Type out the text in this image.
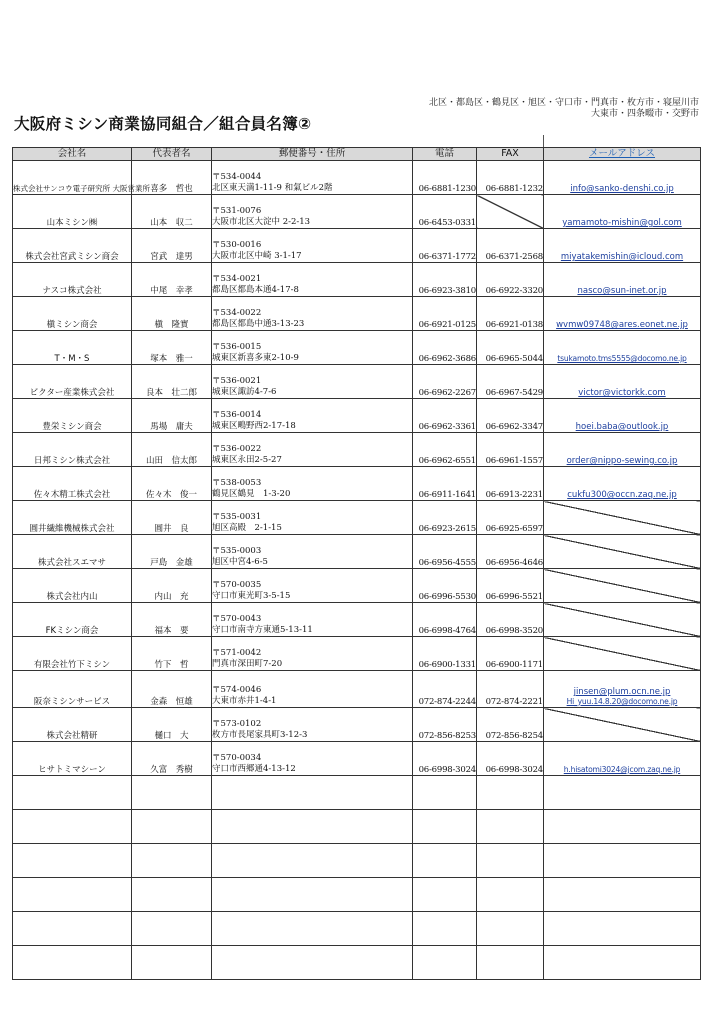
北区・都島区・鶴見区・旭区・守口市・門真市・枚方市・寝屋川市
大東市・四条畷市・交野市
大阪府ミシン商業協同組合／組合員名簿②
会社名	代表者名	郵便番号・住所	電話	FAX	メールアドレス
株式会社サンコウ電子研究所 大阪営業所	喜多　哲也	〒534-0044
北区東天満1-11-9 和氣ビル2階	06-6881-1230	06-6881-1232	info@sanko-denshi.co.jp

山本ミシン㈱	山本　収二	〒531-0076
大阪市北区大淀中 2-2-13	06-6453-0331		yamamoto-mishin@gol.com

株式会社宮武ミシン商会	宮武　達男	〒530-0016
大阪市北区中崎 3-1-17	06-6371-1772	06-6371-2568	miyatakemishin@icloud.com

ナスコ株式会社	中尾　幸孝	〒534-0021
都島区都島本通4-17-8	06-6923-3810	06-6922-3320	nasco@sun-inet.or.jp

槇ミシン商会	槇　隆實	〒534-0022
都島区都島中通3-13-23	06-6921-0125	06-6921-0138	wvmw09748@ares.eonet.ne.jp

T・M・S	塚本　雅一	〒536-0015
城東区新喜多東2-10-9	06-6962-3686	06-6965-5044	tsukamoto.tms5555@docomo.ne.jp

ビクター産業株式会社	良本　壮二郎	〒536-0021
城東区諏訪4-7-6	06-6962-2267	06-6967-5429	victor@victorkk.com

豊栄ミシン商会	馬場　庸夫	〒536-0014
城東区鴫野西2-17-18	06-6962-3361	06-6962-3347	hoei.baba@outlook.jp

日邦ミシン株式会社	山田　信太郎	〒536-0022
城東区永田2-5-27	06-6962-6551	06-6961-1557	order@nippo-sewing.co.jp

佐々木精工株式会社	佐々木　俊一	〒538-0053
鶴見区鶴見　1-3-20	06-6911-1641	06-6913-2231	cukfu300@occn.zaq.ne.jp

圓井繊維機械株式会社	圓井　良	〒535-0031
旭区高殿　2-1-15	06-6923-2615	06-6925-6597	
株式会社スエマサ	戸島　金雄	〒535-0003
旭区中宮4-6-5	06-6956-4555	06-6956-4646	
株式会社内山	内山　充	〒570-0035
守口市東光町3-5-15	06-6996-5530	06-6996-5521	
FKミシン商会	福本　要	〒570-0043
守口市南寺方東通5-13-11	06-6998-4764	06-6998-3520	
有限会社竹下ミシン	竹下　哲	〒571-0042
門真市深田町7-20	06-6900-1331	06-6900-1171	
阪奈ミシンサービス	金森　恒雄	〒574-0046
大東市赤井1-4-1	072-874-2244	072-874-2221	jinsen@plum.ocn.ne.jp
Hi_yuu.14.8.20@docomo.ne.jp

株式会社精研	樋口　大	〒573-0102
枚方市長尾家具町3-12-3	072-856-8253	072-856-8254	
ヒサトミマシーン	久富　秀樹	〒570-0034
守口市西郷通4-13-12	06-6998-3024	06-6998-3024	h.hisatomi3024@jcom.zaq.ne.jp
